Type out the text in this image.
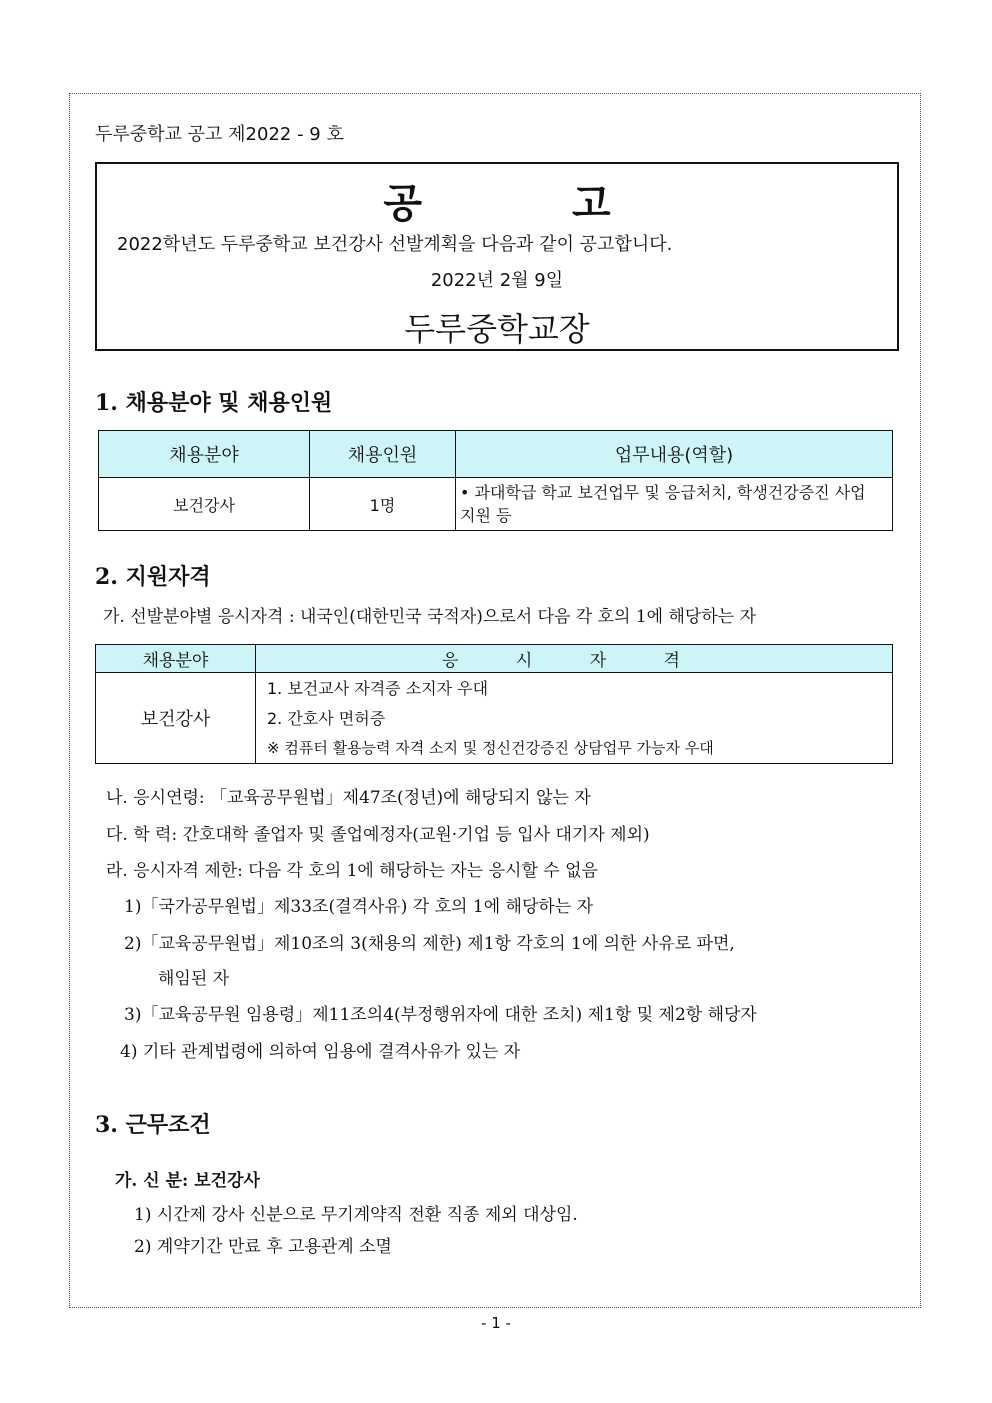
두루중학교 공고 제2022 - 9 호
공고
2022학년도 두루중학교 보건강사 선발계획을 다음과 같이 공고합니다.
2022년 2월 9일
두루중학교장
1. 채용분야 및 채용인원
채용분야	채용인원	업무내용(역할)
보건강사	1명	• 과대학급 학교 보건업무 및 응급처치, 학생건강증진 사업 지원 등
2. 지원자격
가. 선발분야별 응시자격 : 내국인(대한민국 국적자)으로서 다음 각 호의 1에 해당하는 자
채용분야	응 시 자 격
보건강사	1. 보건교사 자격증 소지자 우대
2. 간호사 면허증
※ 컴퓨터 활용능력 자격 소지 및 정신건강증진 상담업무 가능자 우대
나. 응시연령: 「교육공무원법」제47조(정년)에 해당되지 않는 자
다. 학 력: 간호대학 졸업자 및 졸업예정자(교원·기업 등 입사 대기자 제외)
라. 응시자격 제한: 다음 각 호의 1에 해당하는 자는 응시할 수 없음
1)「국가공무원법」제33조(결격사유) 각 호의 1에 해당하는 자
2)「교육공무원법」제10조의 3(채용의 제한) 제1항 각호의 1에 의한 사유로 파면,
해임된 자
3)「교육공무원 임용령」제11조의4(부정행위자에 대한 조치) 제1항 및 제2항 해당자
4) 기타 관계법령에 의하여 임용에 결격사유가 있는 자
3. 근무조건
가. 신 분: 보건강사
1) 시간제 강사 신분으로 무기계약직 전환 직종 제외 대상임.
2) 계약기간 만료 후 고용관계 소멸
- 1 -
